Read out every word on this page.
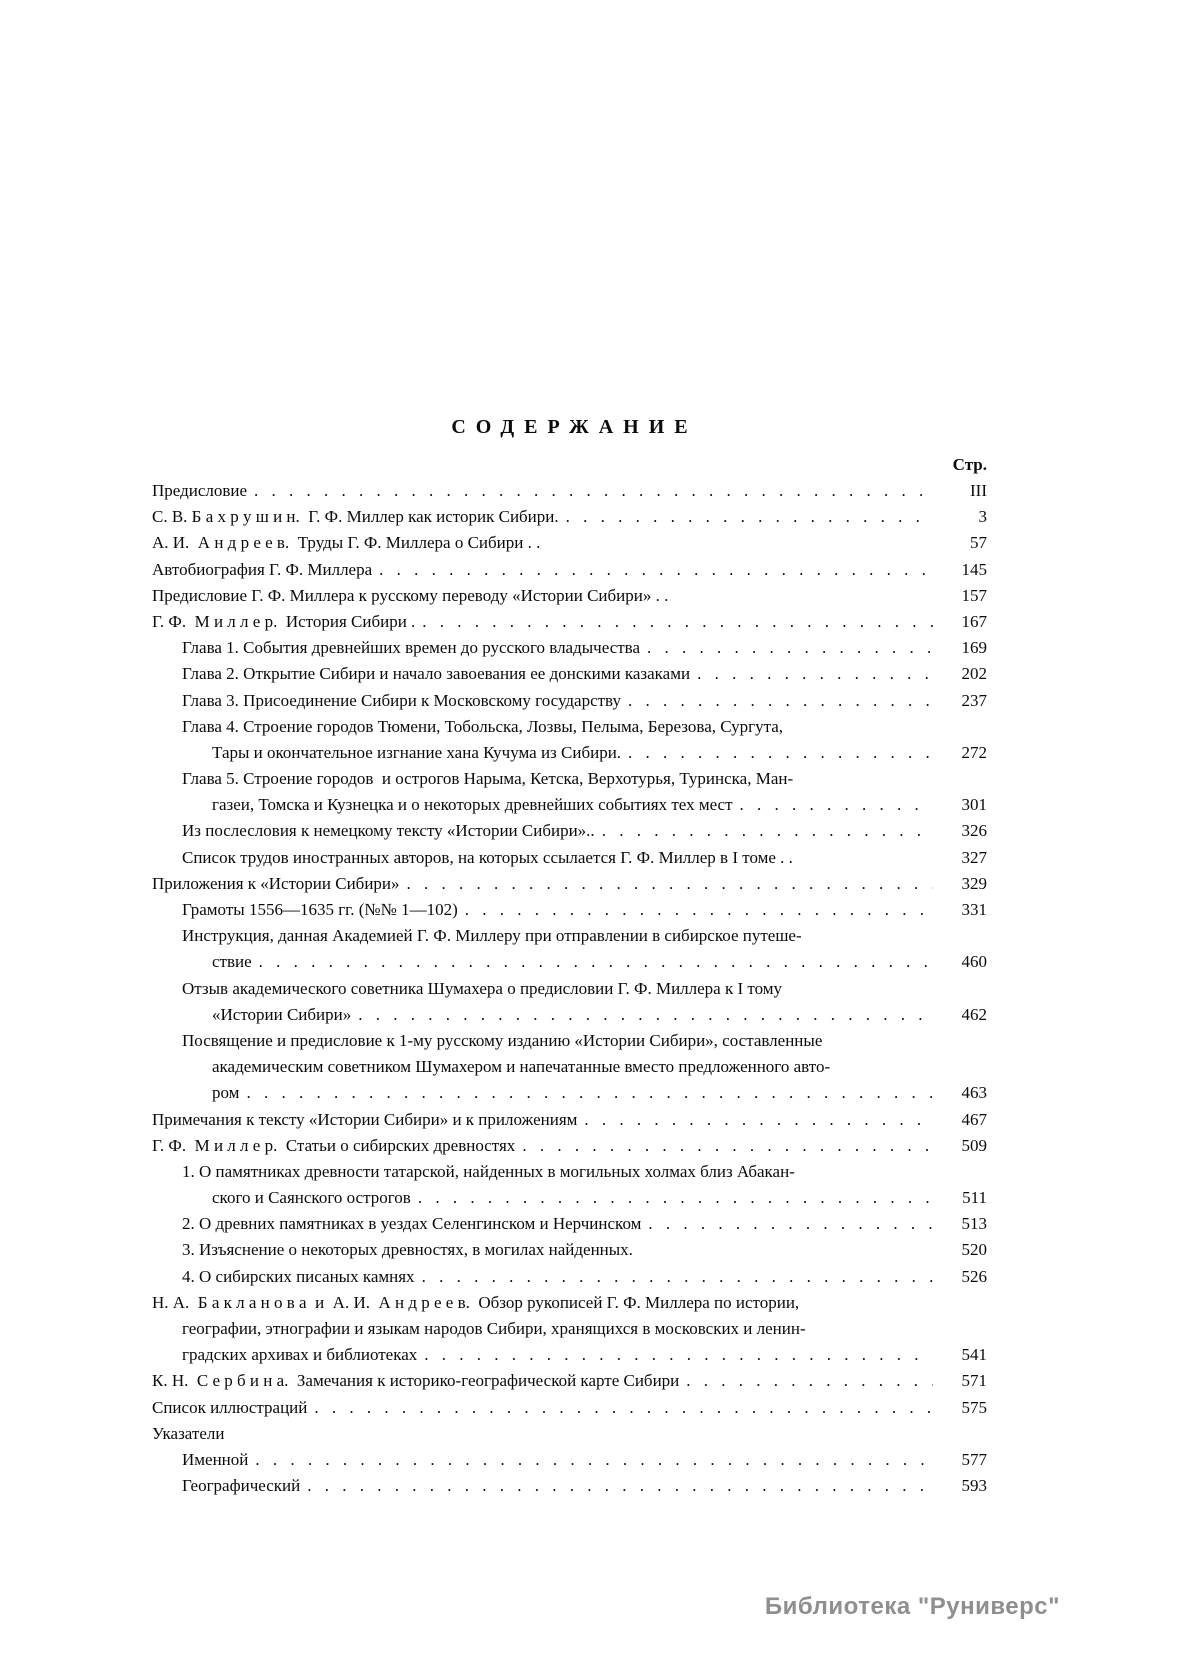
СОДЕРЖАНИЕ
Стр.
Предисловие . . .	III
С. В. Б а х р у ш и н.  Г. Ф. Миллер как историк Сибири. . . .	3
А. И.  А н д р е е в.  Труды Г. Ф. Миллера о Сибири . .	57
Автобиография Г. Ф. Миллера . . .	145
Предисловие Г. Ф. Миллера к русскому переводу «Истории Сибири» . .	157
Г. Ф.  М и л л е р.  История Сибири . . . .	167
Глава 1. События древнейших времен до русского владычества . . .	169
Глава 2. Открытие Сибири и начало завоевания ее донскими казаками . . .	202
Глава 3. Присоединение Сибири к Московскому государству . . .	237
Глава 4. Строение городов Тюмени, Тобольска, Лозвы, Пелыма, Березова, Сургута,
Тары и окончательное изгнание хана Кучума из Сибири. . . .	272
Глава 5. Строение городов  и острогов Нарыма, Кетска, Верхотурья, Туринска, Ман-
газеи, Томска и Кузнецка и о некоторых древнейших событиях тех мест . . .	301
Из послесловия к немецкому тексту «Истории Сибири».. . . .	326
Список трудов иностранных авторов, на которых ссылается Г. Ф. Миллер в I томе . .	327
Приложения к «Истории Сибири» . . .	329
Грамоты 1556—1635 гг. (№№ 1—102) . . .	331
Инструкция, данная Академией Г. Ф. Миллеру при отправлении в сибирское путеше-
ствие . . .	460
Отзыв академического советника Шумахера о предисловии Г. Ф. Миллера к I тому
«Истории Сибири» . . .	462
Посвящение и предисловие к 1-му русскому изданию «Истории Сибири», составленные
академическим советником Шумахером и напечатанные вместо предложенного авто-
ром . . .	463
Примечания к тексту «Истории Сибири» и к приложениям . . .	467
Г. Ф.  М и л л е р.  Статьи о сибирских древностях . . .	509
1. О памятниках древности татарской, найденных в могильных холмах близ Абакан-
ского и Саянского острогов . . .	511
2. О древних памятниках в уездах Селенгинском и Нерчинском . . .	513
3. Изъяснение о некоторых древностях, в могилах найденных.	520
4. О сибирских писаных камнях . . .	526
Н. А.  Б а к л а н о в а  и  А. И.  А н д р е е в.  Обзор рукописей Г. Ф. Миллера по истории,
географии, этнографии и языкам народов Сибири, хранящихся в московских и ленин-
градских архивах и библиотеках . . .	541
К. Н.  С е р б и н а.  Замечания к историко-географической карте Сибири . . .	571
Список иллюстраций . . .	575
Указатели
Именной . . .	577
Географический . . .	593
Библиотека "Руниверс"
